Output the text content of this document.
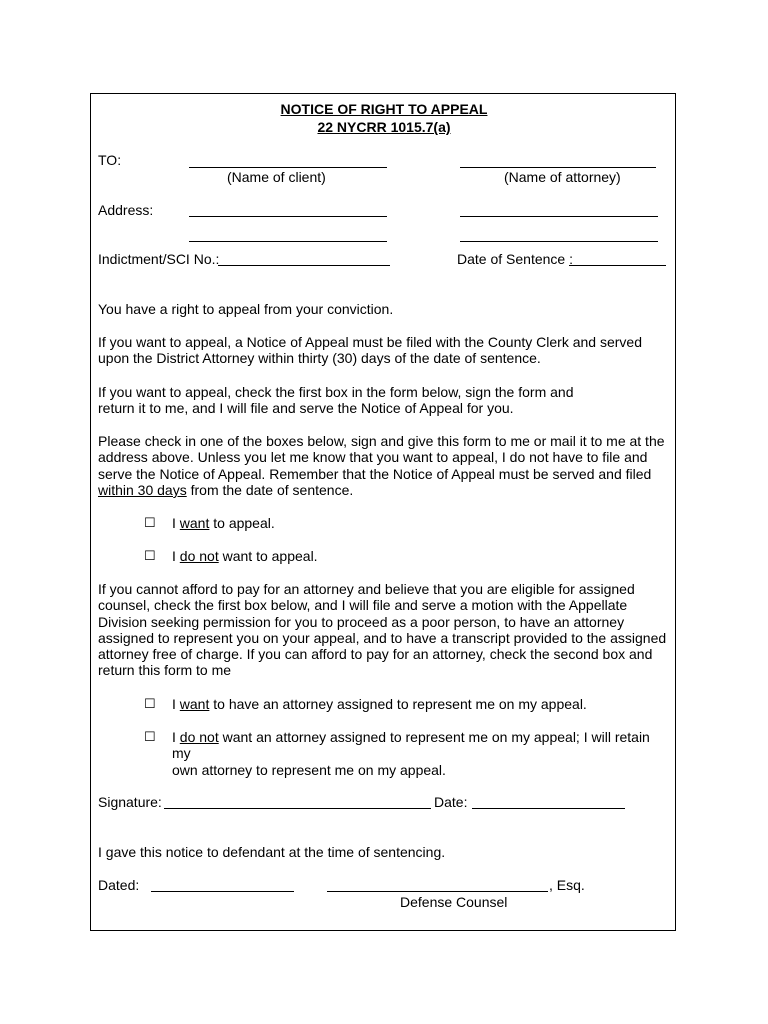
NOTICE OF RIGHT TO APPEAL
22 NYCRR 1015.7(a)
TO:
(Name of client)	(Name of attorney)
Address:
Indictment/SCI No.:	Date of Sentence :
You have a right to appeal from your conviction.
If you want to appeal, a Notice of Appeal must be filed with the County Clerk and served
upon the District Attorney within thirty (30) days of the date of sentence.
If you want to appeal, check the first box in the form below, sign the form and
return it to me, and I will file and serve the Notice of Appeal for you.
Please check in one of the boxes below, sign and give this form to me or mail it to me at the
address above. Unless you let me know that you want to appeal, I do not have to file and
serve the Notice of Appeal. Remember that the Notice of Appeal must be served and filed
within 30 days from the date of sentence.
☐ I want to appeal.
☐ I do not want to appeal.
If you cannot afford to pay for an attorney and believe that you are eligible for assigned
counsel, check the first box below, and I will file and serve a motion with the Appellate
Division seeking permission for you to proceed as a poor person, to have an attorney
assigned to represent you on your appeal, and to have a transcript provided to the assigned
attorney free of charge. If you can afford to pay for an attorney, check the second box and
return this form to me
☐ I want to have an attorney assigned to represent me on my appeal.
☐ I do not want an attorney assigned to represent me on my appeal; I will retain my
own attorney to represent me on my appeal.
Signature:	Date:
I gave this notice to defendant at the time of sentencing.
Dated:	, Esq.
Defense Counsel
